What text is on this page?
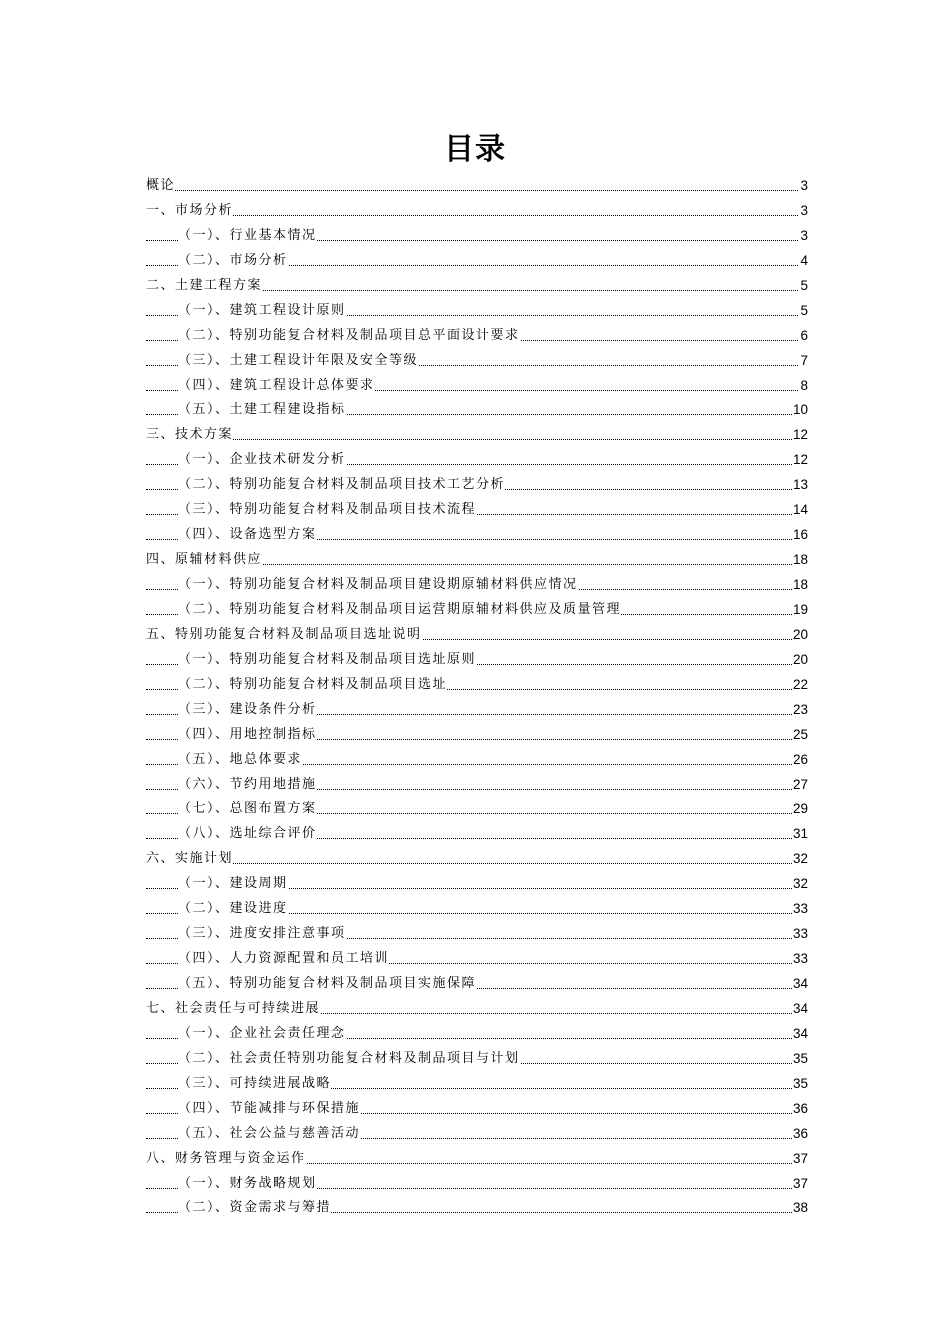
目录
概论	3
一、市场分析	3
（一）、行业基本情况	3
（二）、市场分析	4
二、土建工程方案	5
（一）、建筑工程设计原则	5
（二）、特别功能复合材料及制品项目总平面设计要求	6
（三）、土建工程设计年限及安全等级	7
（四）、建筑工程设计总体要求	8
（五）、土建工程建设指标	10
三、技术方案	12
（一）、企业技术研发分析	12
（二）、特别功能复合材料及制品项目技术工艺分析	13
（三）、特别功能复合材料及制品项目技术流程	14
（四）、设备选型方案	16
四、原辅材料供应	18
（一）、特别功能复合材料及制品项目建设期原辅材料供应情况	18
（二）、特别功能复合材料及制品项目运营期原辅材料供应及质量管理	19
五、特别功能复合材料及制品项目选址说明	20
（一）、特别功能复合材料及制品项目选址原则	20
（二）、特别功能复合材料及制品项目选址	22
（三）、建设条件分析	23
（四）、用地控制指标	25
（五）、地总体要求	26
（六）、节约用地措施	27
（七）、总图布置方案	29
（八）、选址综合评价	31
六、实施计划	32
（一）、建设周期	32
（二）、建设进度	33
（三）、进度安排注意事项	33
（四）、人力资源配置和员工培训	33
（五）、特别功能复合材料及制品项目实施保障	34
七、社会责任与可持续进展	34
（一）、企业社会责任理念	34
（二）、社会责任特别功能复合材料及制品项目与计划	35
（三）、可持续进展战略	35
（四）、节能减排与环保措施	36
（五）、社会公益与慈善活动	36
八、财务管理与资金运作	37
（一）、财务战略规划	37
（二）、资金需求与筹措	38
